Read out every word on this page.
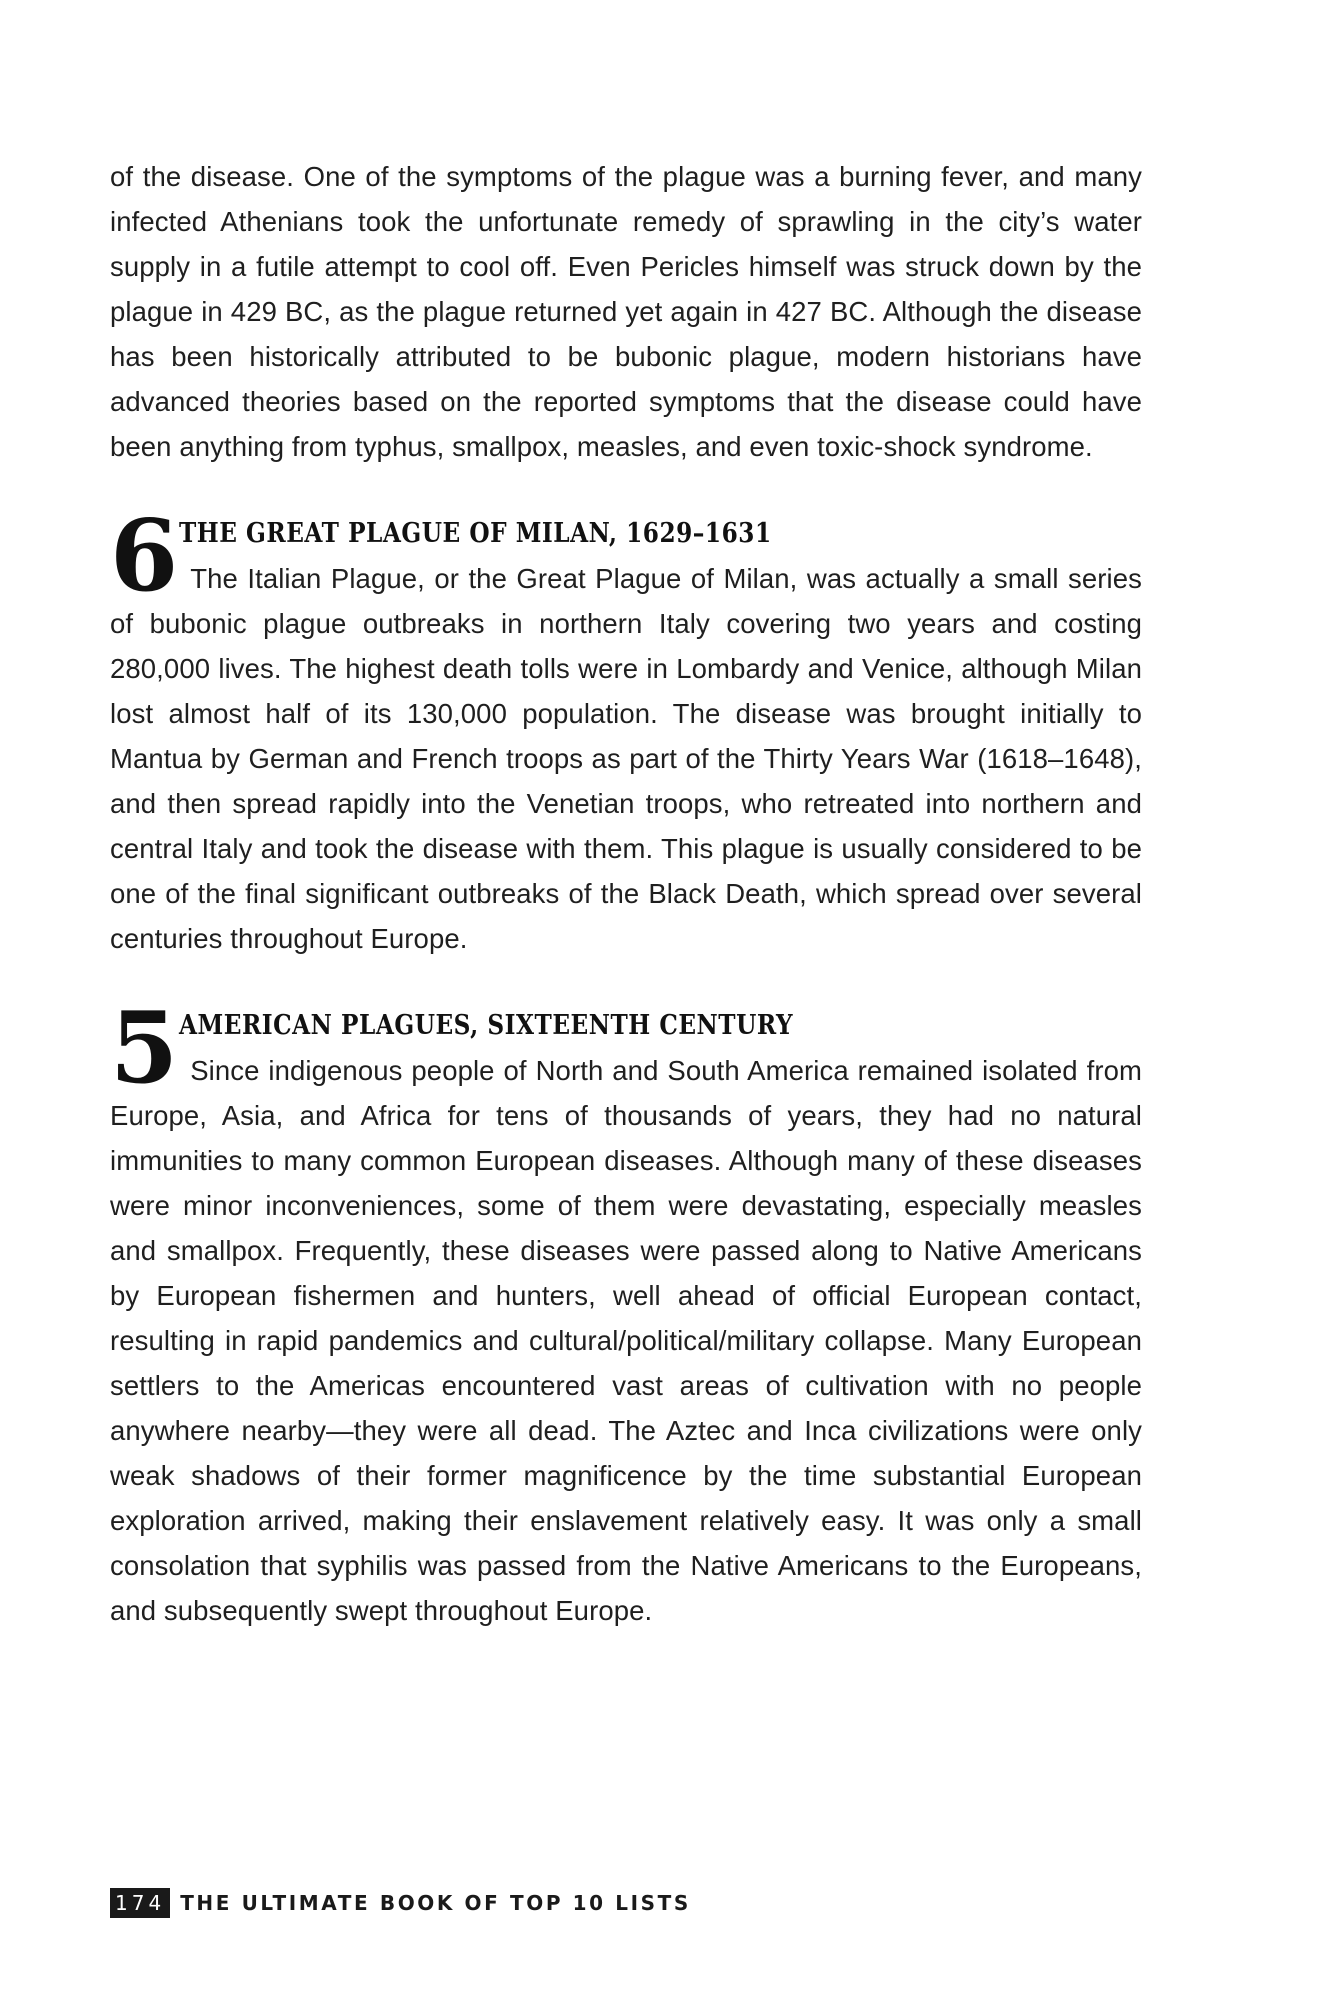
of the disease. One of the symptoms of the plague was a burning fever, and many infected Athenians took the unfortunate remedy of sprawling in the city’s water supply in a futile attempt to cool off. Even Pericles himself was struck down by the plague in 429 BC, as the plague returned yet again in 427 BC. Although the disease has been historically attributed to be bubonic plague, modern historians have advanced theories based on the reported symptoms that the disease could have been anything from typhus, smallpox, measles, and even toxic-shock syndrome.

6 THE GREAT PLAGUE OF MILAN, 1629–1631

The Italian Plague, or the Great Plague of Milan, was actually a small series of bubonic plague outbreaks in northern Italy covering two years and costing 280,000 lives. The highest death tolls were in Lombardy and Venice, although Milan lost almost half of its 130,000 population. The disease was brought initially to Mantua by German and French troops as part of the Thirty Years War (1618–1648), and then spread rapidly into the Venetian troops, who retreated into northern and central Italy and took the disease with them. This plague is usually considered to be one of the final significant outbreaks of the Black Death, which spread over several centuries throughout Europe.

5 AMERICAN PLAGUES, SIXTEENTH CENTURY

Since indigenous people of North and South America remained isolated from Europe, Asia, and Africa for tens of thousands of years, they had no natural immunities to many common European diseases. Although many of these diseases were minor inconveniences, some of them were devastating, especially measles and smallpox. Frequently, these diseases were passed along to Native Americans by European fishermen and hunters, well ahead of official European contact, resulting in rapid pandemics and cultural/political/military collapse. Many European settlers to the Americas encountered vast areas of cultivation with no people anywhere nearby—they were all dead. The Aztec and Inca civilizations were only weak shadows of their former magnificence by the time substantial European exploration arrived, making their enslavement relatively easy. It was only a small consolation that syphilis was passed from the Native Americans to the Europeans, and subsequently swept throughout Europe.

174 THE ULTIMATE BOOK OF TOP 10 LISTS
